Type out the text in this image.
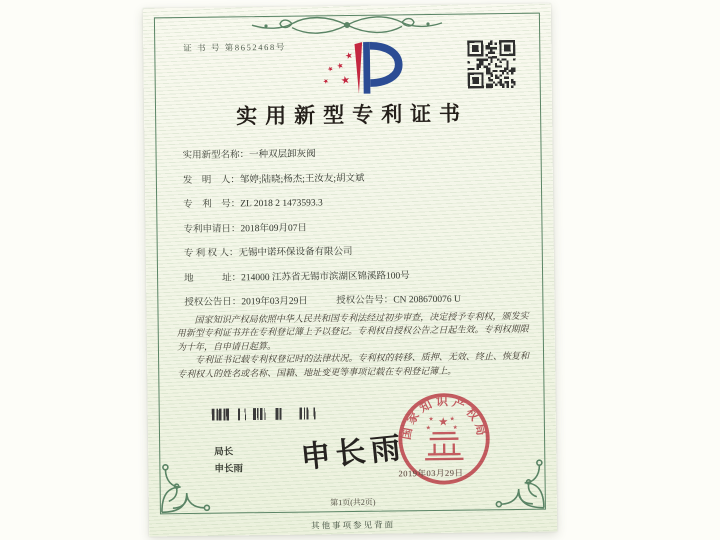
证 书 号 第8652468号
★
★
★
★ ★
实用新型专利证书
实用新型名称：一种双层卸灰阀
发　明　人：邹婷;陆晓;杨杰;王汝友;胡文斌
专　利　号：ZL 2018 2 1473593.3
专利申请日：2018年09月07日
专 利 权 人：无锡中诺环保设备有限公司
地　　　址：214000 江苏省无锡市滨湖区锦溪路100号
授权公告日：2019年03月29日	授权公告号：CN 208670076 U

国家知识产权局依照中华人民共和国专利法经过初步审查，决定授予专利权，颁发实用新型专利证书并在专利登记簿上予以登记。专利权自授权公告之日起生效。专利权期限为十年，自申请日起算。

专利证书记载专利权登记时的法律状况。专利权的转移、质押、无效、终止、恢复和专利权人的姓名或名称、国籍、地址变更等事项记载在专利登记簿上。

局长
申长雨 申长雨
国家知识产权局
★
★	★
★	★
2019年03月29日
第1页(共2页)
其他事项参见背面
